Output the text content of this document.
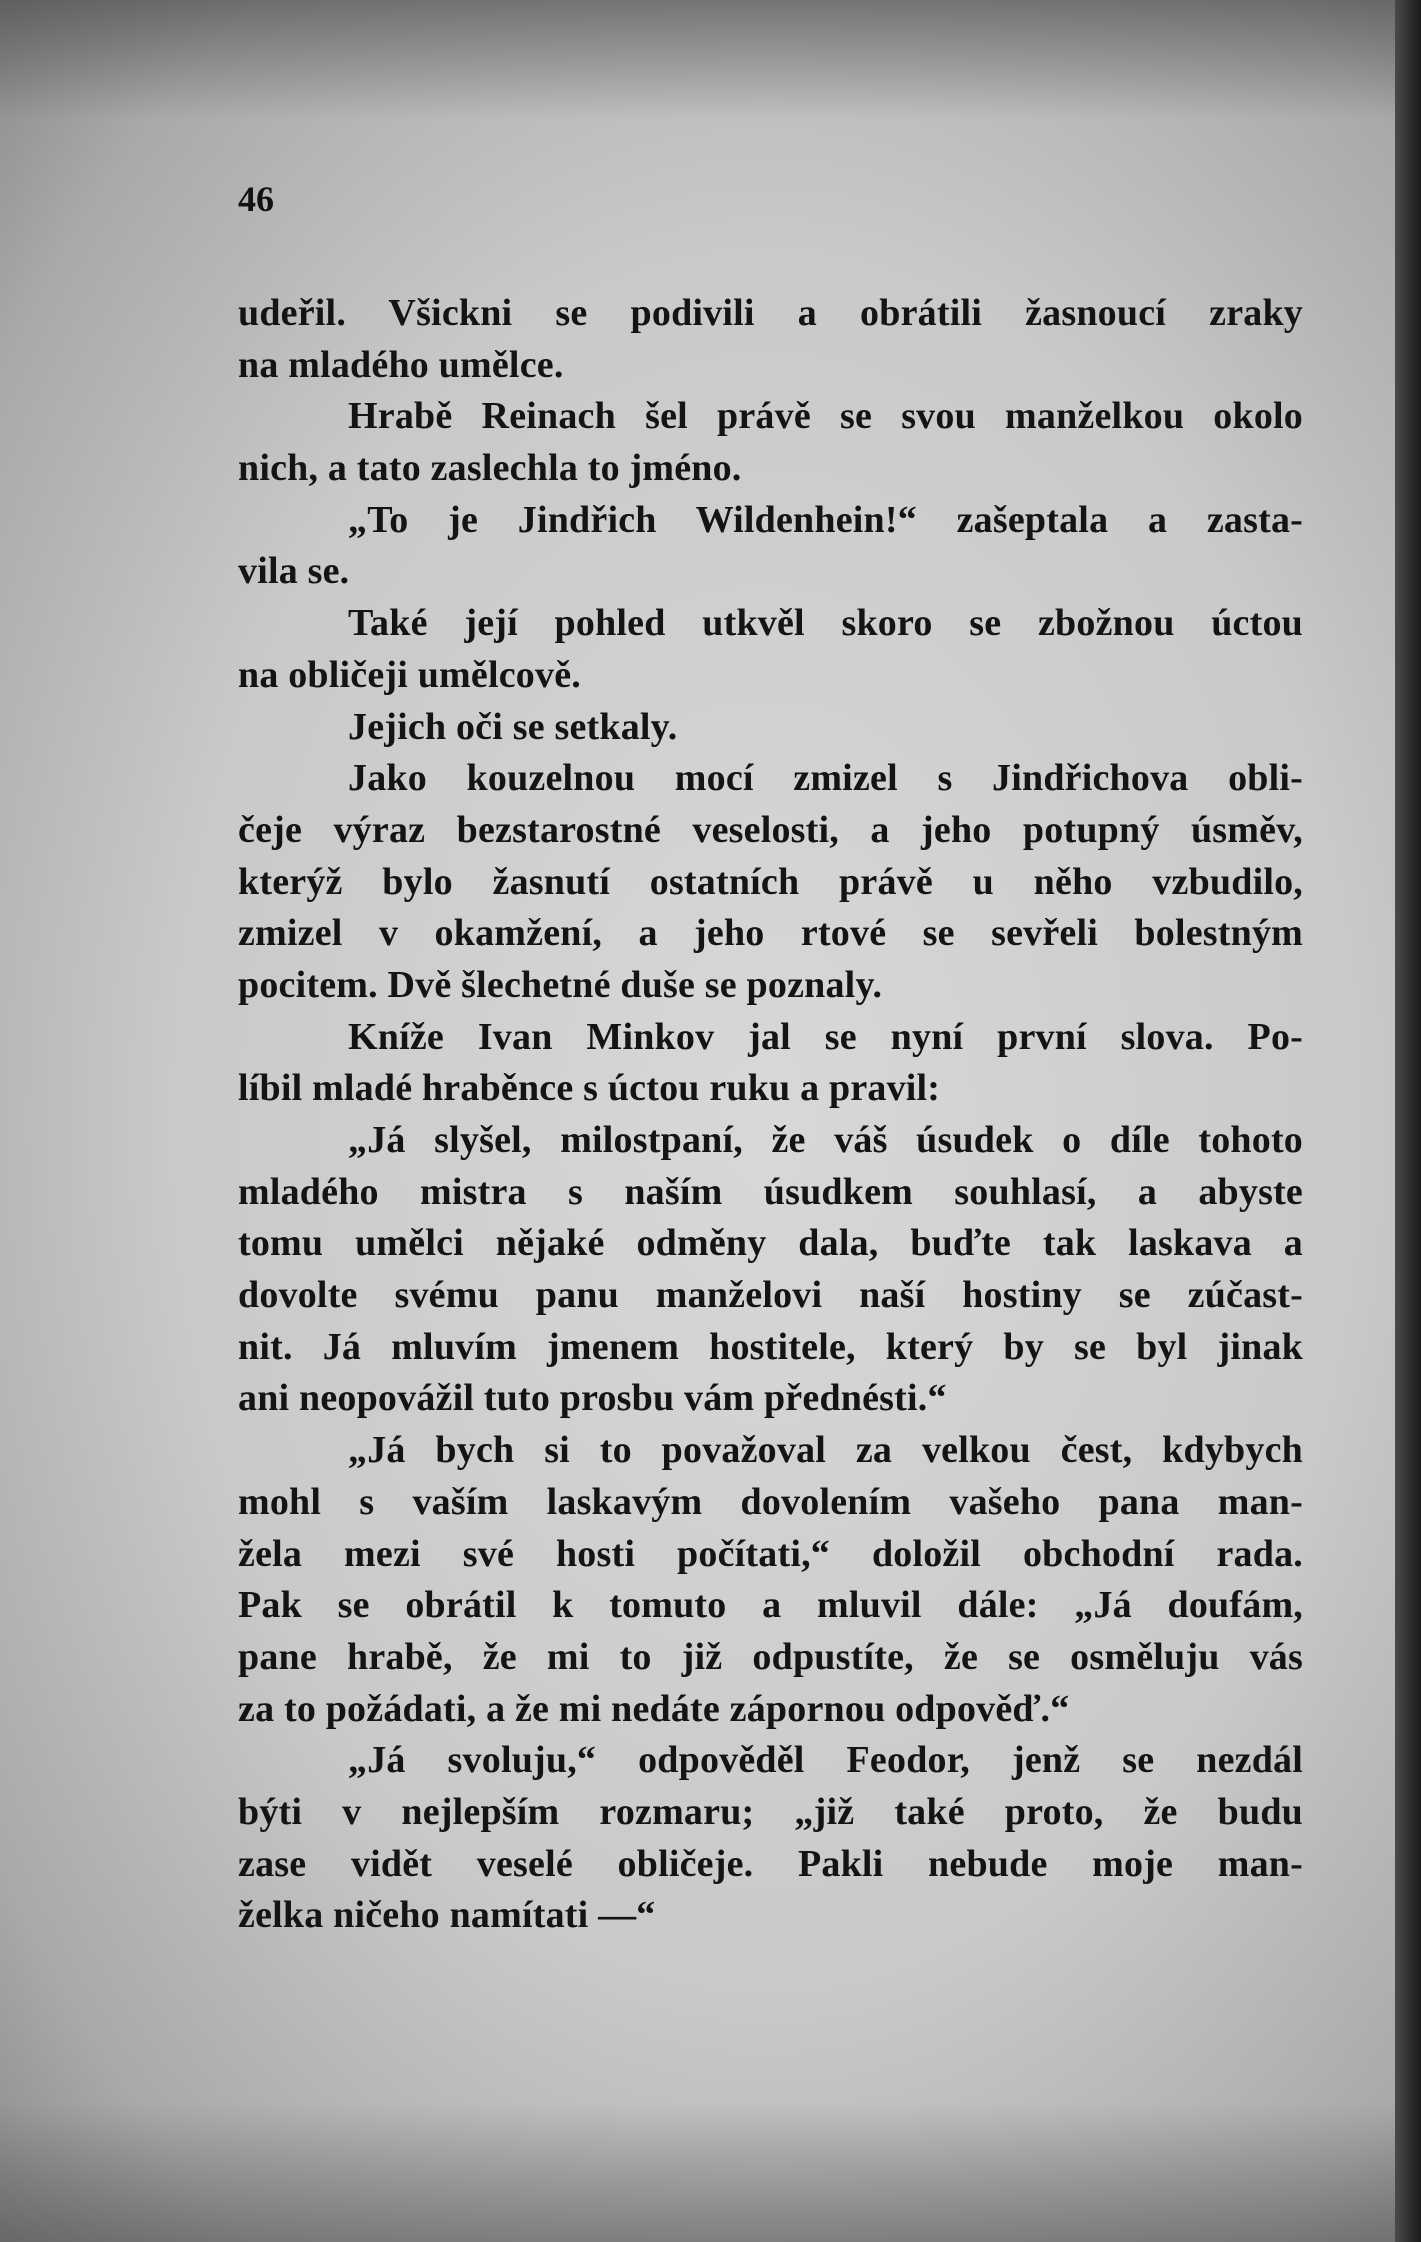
46
udeřil. Všickni se podivili a obrátili žasnoucí zraky
na mladého umělce.
Hrabě Reinach šel právě se svou manželkou okolo
nich, a tato zaslechla to jméno.
„To je Jindřich Wildenhein!“ zašeptala a zasta-
vila se.
Také její pohled utkvěl skoro se zbožnou úctou
na obličeji umělcově.
Jejich oči se setkaly.
Jako kouzelnou mocí zmizel s Jindřichova obli-
čeje výraz bezstarostné veselosti, a jeho potupný úsměv,
kterýž bylo žasnutí ostatních právě u něho vzbudilo,
zmizel v okamžení, a jeho rtové se sevřeli bolestným
pocitem. Dvě šlechetné duše se poznaly.
Kníže Ivan Minkov jal se nyní první slova. Po-
líbil mladé hraběnce s úctou ruku a pravil:
„Já slyšel, milostpaní, že váš úsudek o díle tohoto
mladého mistra s naším úsudkem souhlasí, a abyste
tomu umělci nějaké odměny dala, buďte tak laskava a
dovolte svému panu manželovi naší hostiny se zúčast-
nit. Já mluvím jmenem hostitele, který by se byl jinak
ani neopovážil tuto prosbu vám přednésti.“
„Já bych si to považoval za velkou čest, kdybych
mohl s vaším laskavým dovolením vašeho pana man-
žela mezi své hosti počítati,“ doložil obchodní rada.
Pak se obrátil k tomuto a mluvil dále: „Já doufám,
pane hrabě, že mi to již odpustíte, že se osměluju vás
za to požádati, a že mi nedáte zápornou odpověď.“
„Já svoluju,“ odpověděl Feodor, jenž se nezdál
býti v nejlepším rozmaru; „již také proto, že budu
zase vidět veselé obličeje. Pakli nebude moje man-
želka ničeho namítati —“
